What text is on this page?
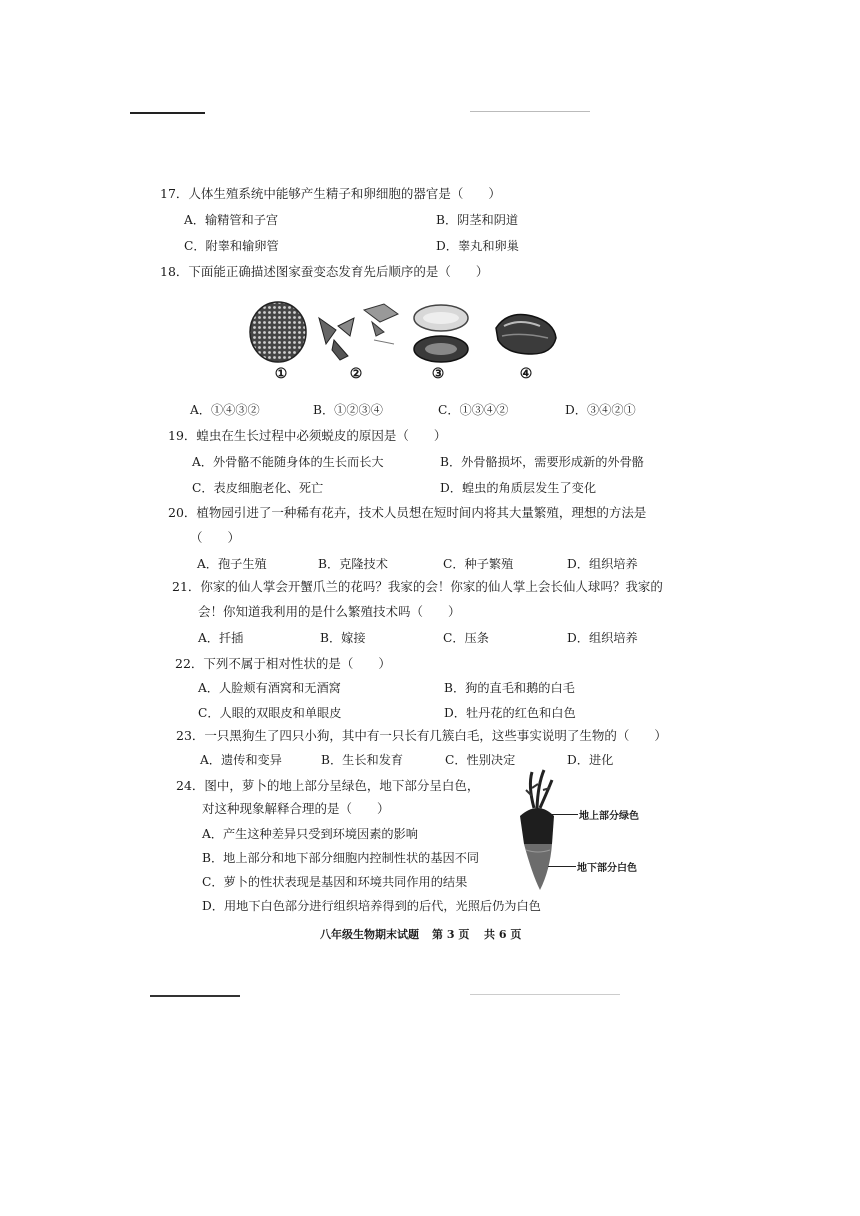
17．人体生殖系统中能够产生精子和卵细胞的器官是（　　）
A．输精管和子宫	B．阴茎和阴道
C．附睾和输卵管	D．睾丸和卵巢
18．下面能正确描述图家蚕变态发育先后顺序的是（　　）
①	②	③	④
A．①④③②	B．①②③④	C．①③④②	D．③④②①
19．蝗虫在生长过程中必须蜕皮的原因是（　　）
A．外骨骼不能随身体的生长而长大	B．外骨骼损坏，需要形成新的外骨骼
C．表皮细胞老化、死亡	D．蝗虫的角质层发生了变化
20．植物园引进了一种稀有花卉，技术人员想在短时间内将其大量繁殖，理想的方法是
（　　）
A．孢子生殖	B．克隆技术	C．种子繁殖	D．组织培养
21．你家的仙人掌会开蟹爪兰的花吗？我家的会！你家的仙人掌上会长仙人球吗？我家的
会！你知道我利用的是什么繁殖技术吗（　　）
A．扦插	B．嫁接	C．压条	D．组织培养
22．下列不属于相对性状的是（　　）
A．人脸颊有酒窝和无酒窝	B．狗的直毛和鹅的白毛
C．人眼的双眼皮和单眼皮	D．牡丹花的红色和白色
23．一只黑狗生了四只小狗，其中有一只长有几簇白毛，这些事实说明了生物的（　　）
A．遗传和变异	B．生长和发育	C．性别决定	D．进化
24．图中，萝卜的地上部分呈绿色，地下部分呈白色，
对这种现象解释合理的是（　　）
A．产生这种差异只受到环境因素的影响
B．地上部分和地下部分细胞内控制性状的基因不同
C．萝卜的性状表现是基因和环境共同作用的结果
D．用地下白色部分进行组织培养得到的后代，光照后仍为白色
地上部分绿色
地下部分白色
八年级生物期末试题 第 3 页 共 6 页
